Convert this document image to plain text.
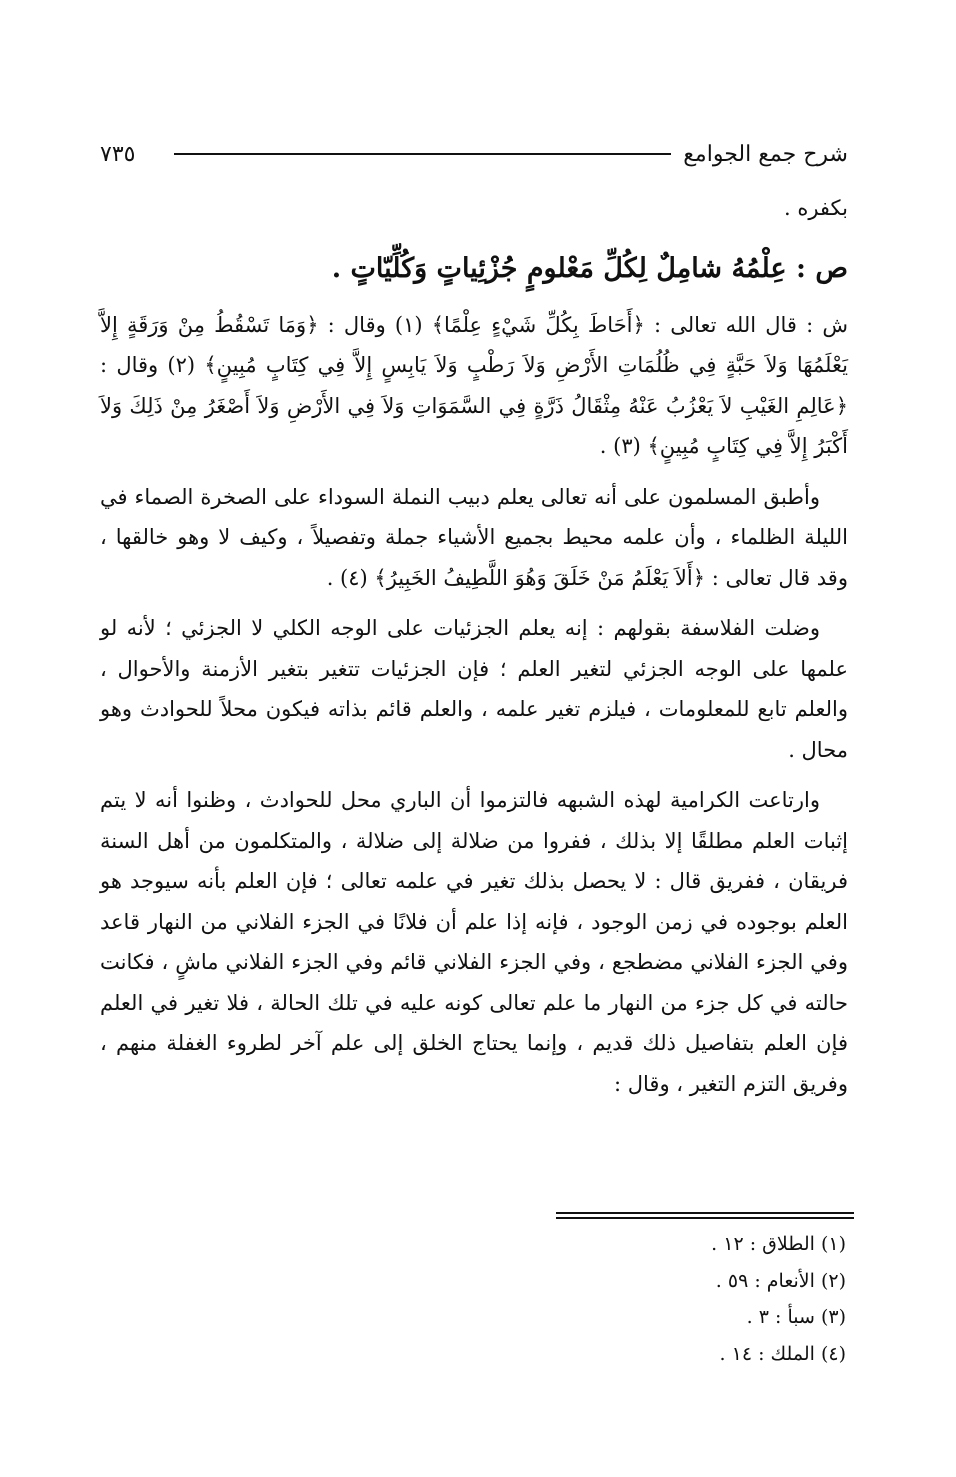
٧٣٥	شرح جمع الجوامع

بكفره .

ص : عِلْمُهُ شامِلٌ لِكُلِّ مَعْلومٍ جُزْئِياتٍ وَكُلِّيّاتٍ .

ش : قال الله تعالى : ﴿أَحَاطَ بِكُلِّ شَيْءٍ عِلْمًا﴾ (١) وقال : ﴿وَمَا تَسْقُطُ مِنْ وَرَقَةٍ إِلاَّ يَعْلَمُهَا وَلاَ حَبَّةٍ فِي ظُلُمَاتِ الأَرْضِ وَلاَ رَطْبٍ وَلاَ يَابِسٍ إِلاَّ فِي كِتَابٍ مُبِينٍ﴾ (٢) وقال : ﴿عَالِمِ الغَيْبِ لاَ يَعْزُبُ عَنْهُ مِثْقَالُ ذَرَّةٍ فِي السَّمَوَاتِ وَلاَ فِي الأَرْضِ وَلاَ أَصْغَرُ مِنْ ذَلِكَ وَلاَ أَكْبَرُ إِلاَّ فِي كِتَابٍ مُبِينٍ﴾ (٣) .

وأطبق المسلمون على أنه تعالى يعلم دبيب النملة السوداء على الصخرة الصماء في الليلة الظلماء ، وأن علمه محيط بجميع الأشياء جملة وتفصيلاً ، وكيف لا وهو خالقها ، وقد قال تعالى : ﴿أَلاَ يَعْلَمُ مَنْ خَلَقَ وَهُوَ اللَّطِيفُ الخَبِيرُ﴾ (٤) .

وضلت الفلاسفة بقولهم : إنه يعلم الجزئيات على الوجه الكلي لا الجزئي ؛ لأنه لو علمها على الوجه الجزئي لتغير العلم ؛ فإن الجزئيات تتغير بتغير الأزمنة والأحوال ، والعلم تابع للمعلومات ، فيلزم تغير علمه ، والعلم قائم بذاته فيكون محلاً للحوادث وهو محال .

وارتاعت الكرامية لهذه الشبهه فالتزموا أن الباري محل للحوادث ، وظنوا أنه لا يتم إثبات العلم مطلقًا إلا بذلك ، ففروا من ضلالة إلى ضلالة ، والمتكلمون من أهل السنة فريقان ، ففريق قال : لا يحصل بذلك تغير في علمه تعالى ؛ فإن العلم بأنه سيوجد هو العلم بوجوده في زمن الوجود ، فإنه إذا علم أن فلانًا في الجزء الفلاني من النهار قاعد وفي الجزء الفلاني مضطجع ، وفي الجزء الفلاني قائم وفي الجزء الفلاني ماشٍ ، فكانت حالته في كل جزء من النهار ما علم تعالى كونه عليه في تلك الحالة ، فلا تغير في العلم فإن العلم بتفاصيل ذلك قديم ، وإنما يحتاج الخلق إلى علم آخر لطروء الغفلة منهم ، وفريق التزم التغير ، وقال :

(١) الطلاق : ١٢ .
(٢) الأنعام : ٥٩ .
(٣) سبأ : ٣ .
(٤) الملك : ١٤ .
